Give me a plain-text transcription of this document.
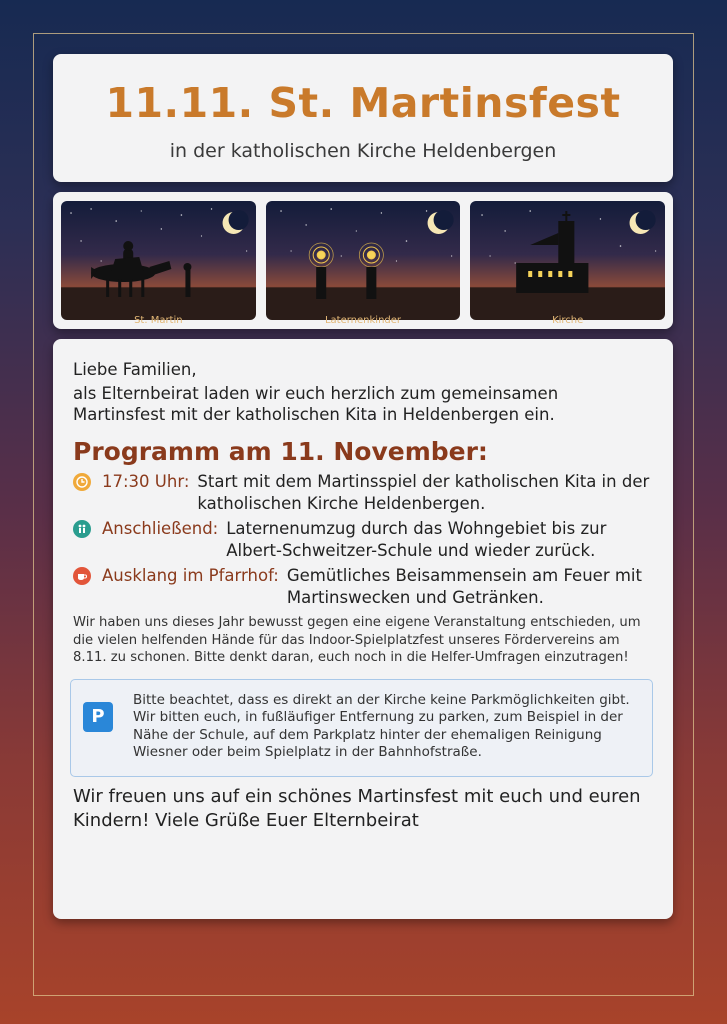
11.11. St. Martinsfest
in der katholischen Kirche Heldenbergen
St. Martin	Laternenkinder	Kirche
Liebe Familien,
als Elternbeirat laden wir euch herzlich zum gemeinsamen Martinsfest mit der katholischen Kita in Heldenbergen ein.
Programm am 11. November:
17:30 Uhr: Start mit dem Martinsspiel der katholischen Kita in der katholischen Kirche Heldenbergen.
Anschließend: Laternenumzug durch das Wohngebiet bis zur Albert-Schweitzer-Schule und wieder zurück.
Ausklang im Pfarrhof: Gemütliches Beisammensein am Feuer mit Martinswecken und Getränken.
Wir haben uns dieses Jahr bewusst gegen eine eigene Veranstaltung entschieden, um die vielen helfenden Hände für das Indoor-Spielplatzfest unseres Fördervereins am 8.11. zu schonen. Bitte denkt daran, euch noch in die Helfer-Umfragen einzutragen!
P
Bitte beachtet, dass es direkt an der Kirche keine Parkmöglichkeiten gibt. Wir bitten euch, in fußläufiger Entfernung zu parken, zum Beispiel in der Nähe der Schule, auf dem Parkplatz hinter der ehemaligen Reinigung Wiesner oder beim Spielplatz in der Bahnhofstraße.
Wir freuen uns auf ein schönes Martinsfest mit euch und euren Kindern! Viele Grüße Euer Elternbeirat
